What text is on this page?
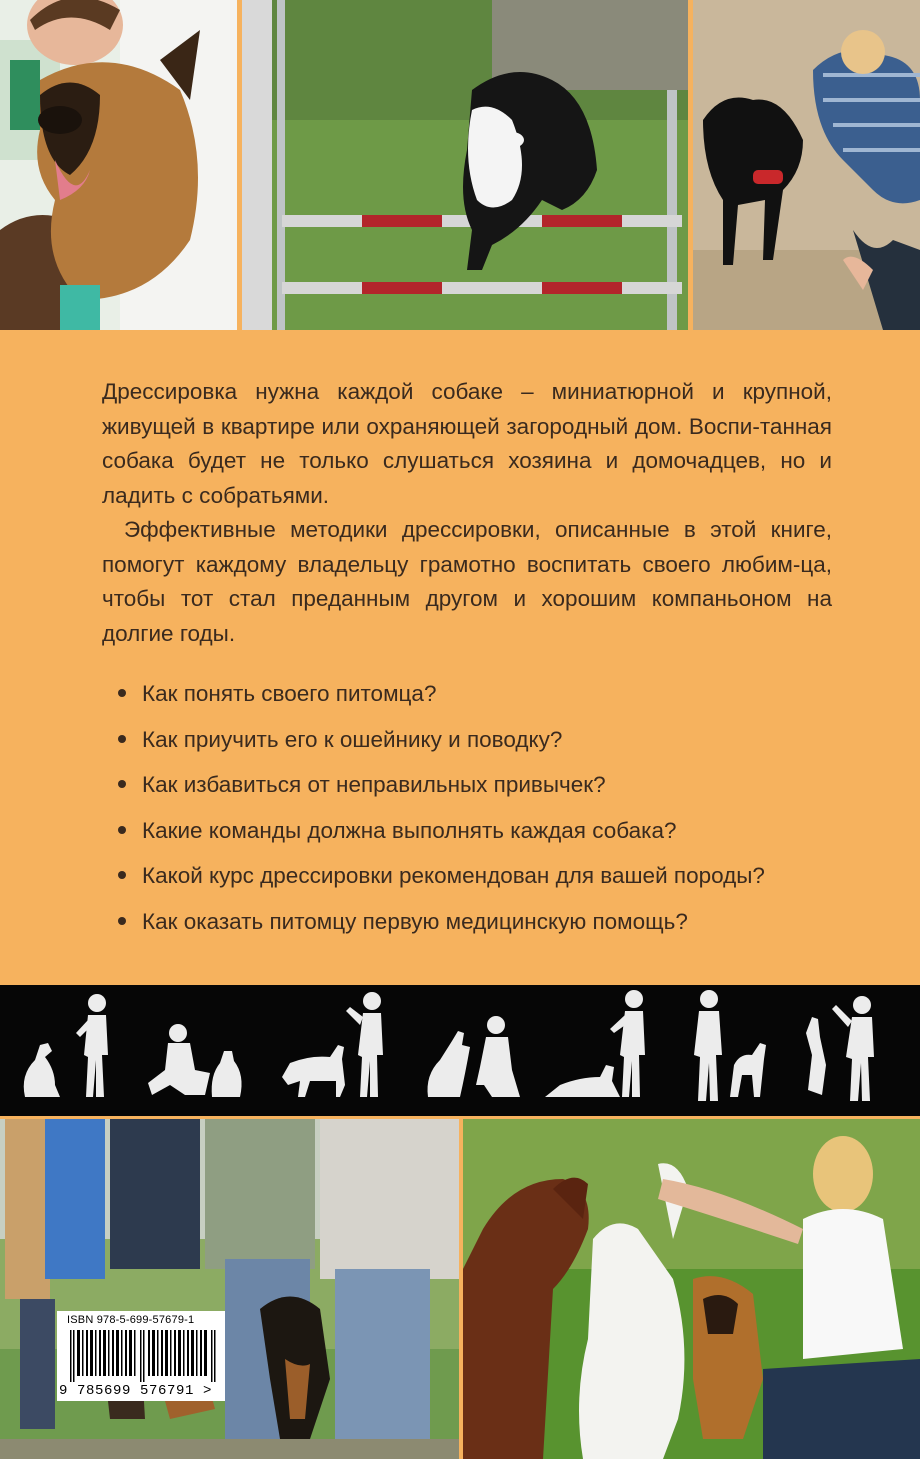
Дрессировка нужна каждой собаке – миниатюрной и крупной, живущей в квартире или охраняющей загородный дом. Воспи-танная собака будет не только слушаться хозяина и домочадцев, но и ладить с собратьями.

Эффективные методики дрессировки, описанные в этой книге, помогут каждому владельцу грамотно воспитать своего любим-ца, чтобы тот стал преданным другом и хорошим компаньоном на долгие годы.

Как понять своего питомца?
Как приучить его к ошейнику и поводку?
Как избавиться от неправильных привычек?
Какие команды должна выполнять каждая собака?
Какой курс дрессировки рекомендован для вашей породы?
Как оказать питомцу первую медицинскую помощь?
ISBN 978-5-699-57679-1
9 785699 576791 >
